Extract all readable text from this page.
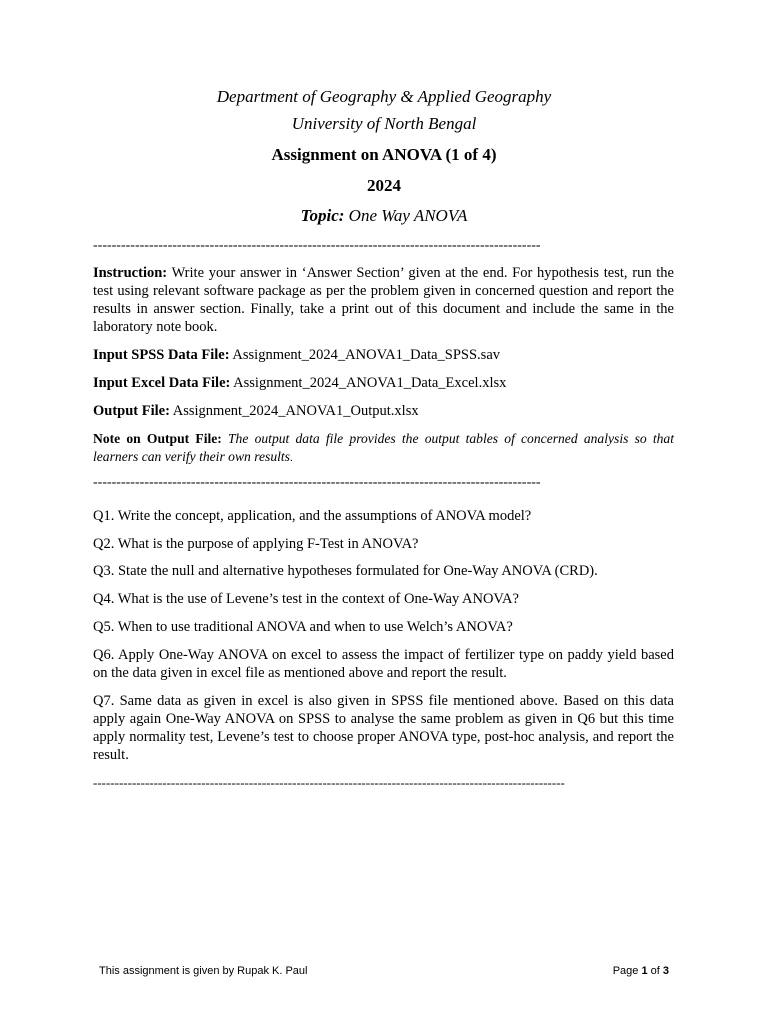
Department of Geography & Applied Geography
University of North Bengal
Assignment on ANOVA (1 of 4)
2024
Topic: One Way ANOVA
------------------------------------------------------------------------------------------------
Instruction: Write your answer in ‘Answer Section’ given at the end. For hypothesis test, run the test using relevant software package as per the problem given in concerned question and report the results in answer section. Finally, take a print out of this document and include the same in the laboratory note book.
Input SPSS Data File: Assignment_2024_ANOVA1_Data_SPSS.sav
Input Excel Data File: Assignment_2024_ANOVA1_Data_Excel.xlsx
Output File: Assignment_2024_ANOVA1_Output.xlsx
Note on Output File: The output data file provides the output tables of concerned analysis so that learners can verify their own results.
------------------------------------------------------------------------------------------------
Q1. Write the concept, application, and the assumptions of ANOVA model?
Q2. What is the purpose of applying F-Test in ANOVA?
Q3. State the null and alternative hypotheses formulated for One-Way ANOVA (CRD).
Q4. What is the use of Levene’s test in the context of One-Way ANOVA?
Q5. When to use traditional ANOVA and when to use Welch’s ANOVA?
Q6. Apply One-Way ANOVA on excel to assess the impact of fertilizer type on paddy yield based on the data given in excel file as mentioned above and report the result.
Q7. Same data as given in excel is also given in SPSS file mentioned above. Based on this data apply again One-Way ANOVA on SPSS to analyse the same problem as given in Q6 but this time apply normality test, Levene’s test to choose proper ANOVA type, post-hoc analysis, and report the result.
-------------------------------------------------------------------------------------------------------------
This assignment is given by Rupak K. Paul	Page 1 of 3
